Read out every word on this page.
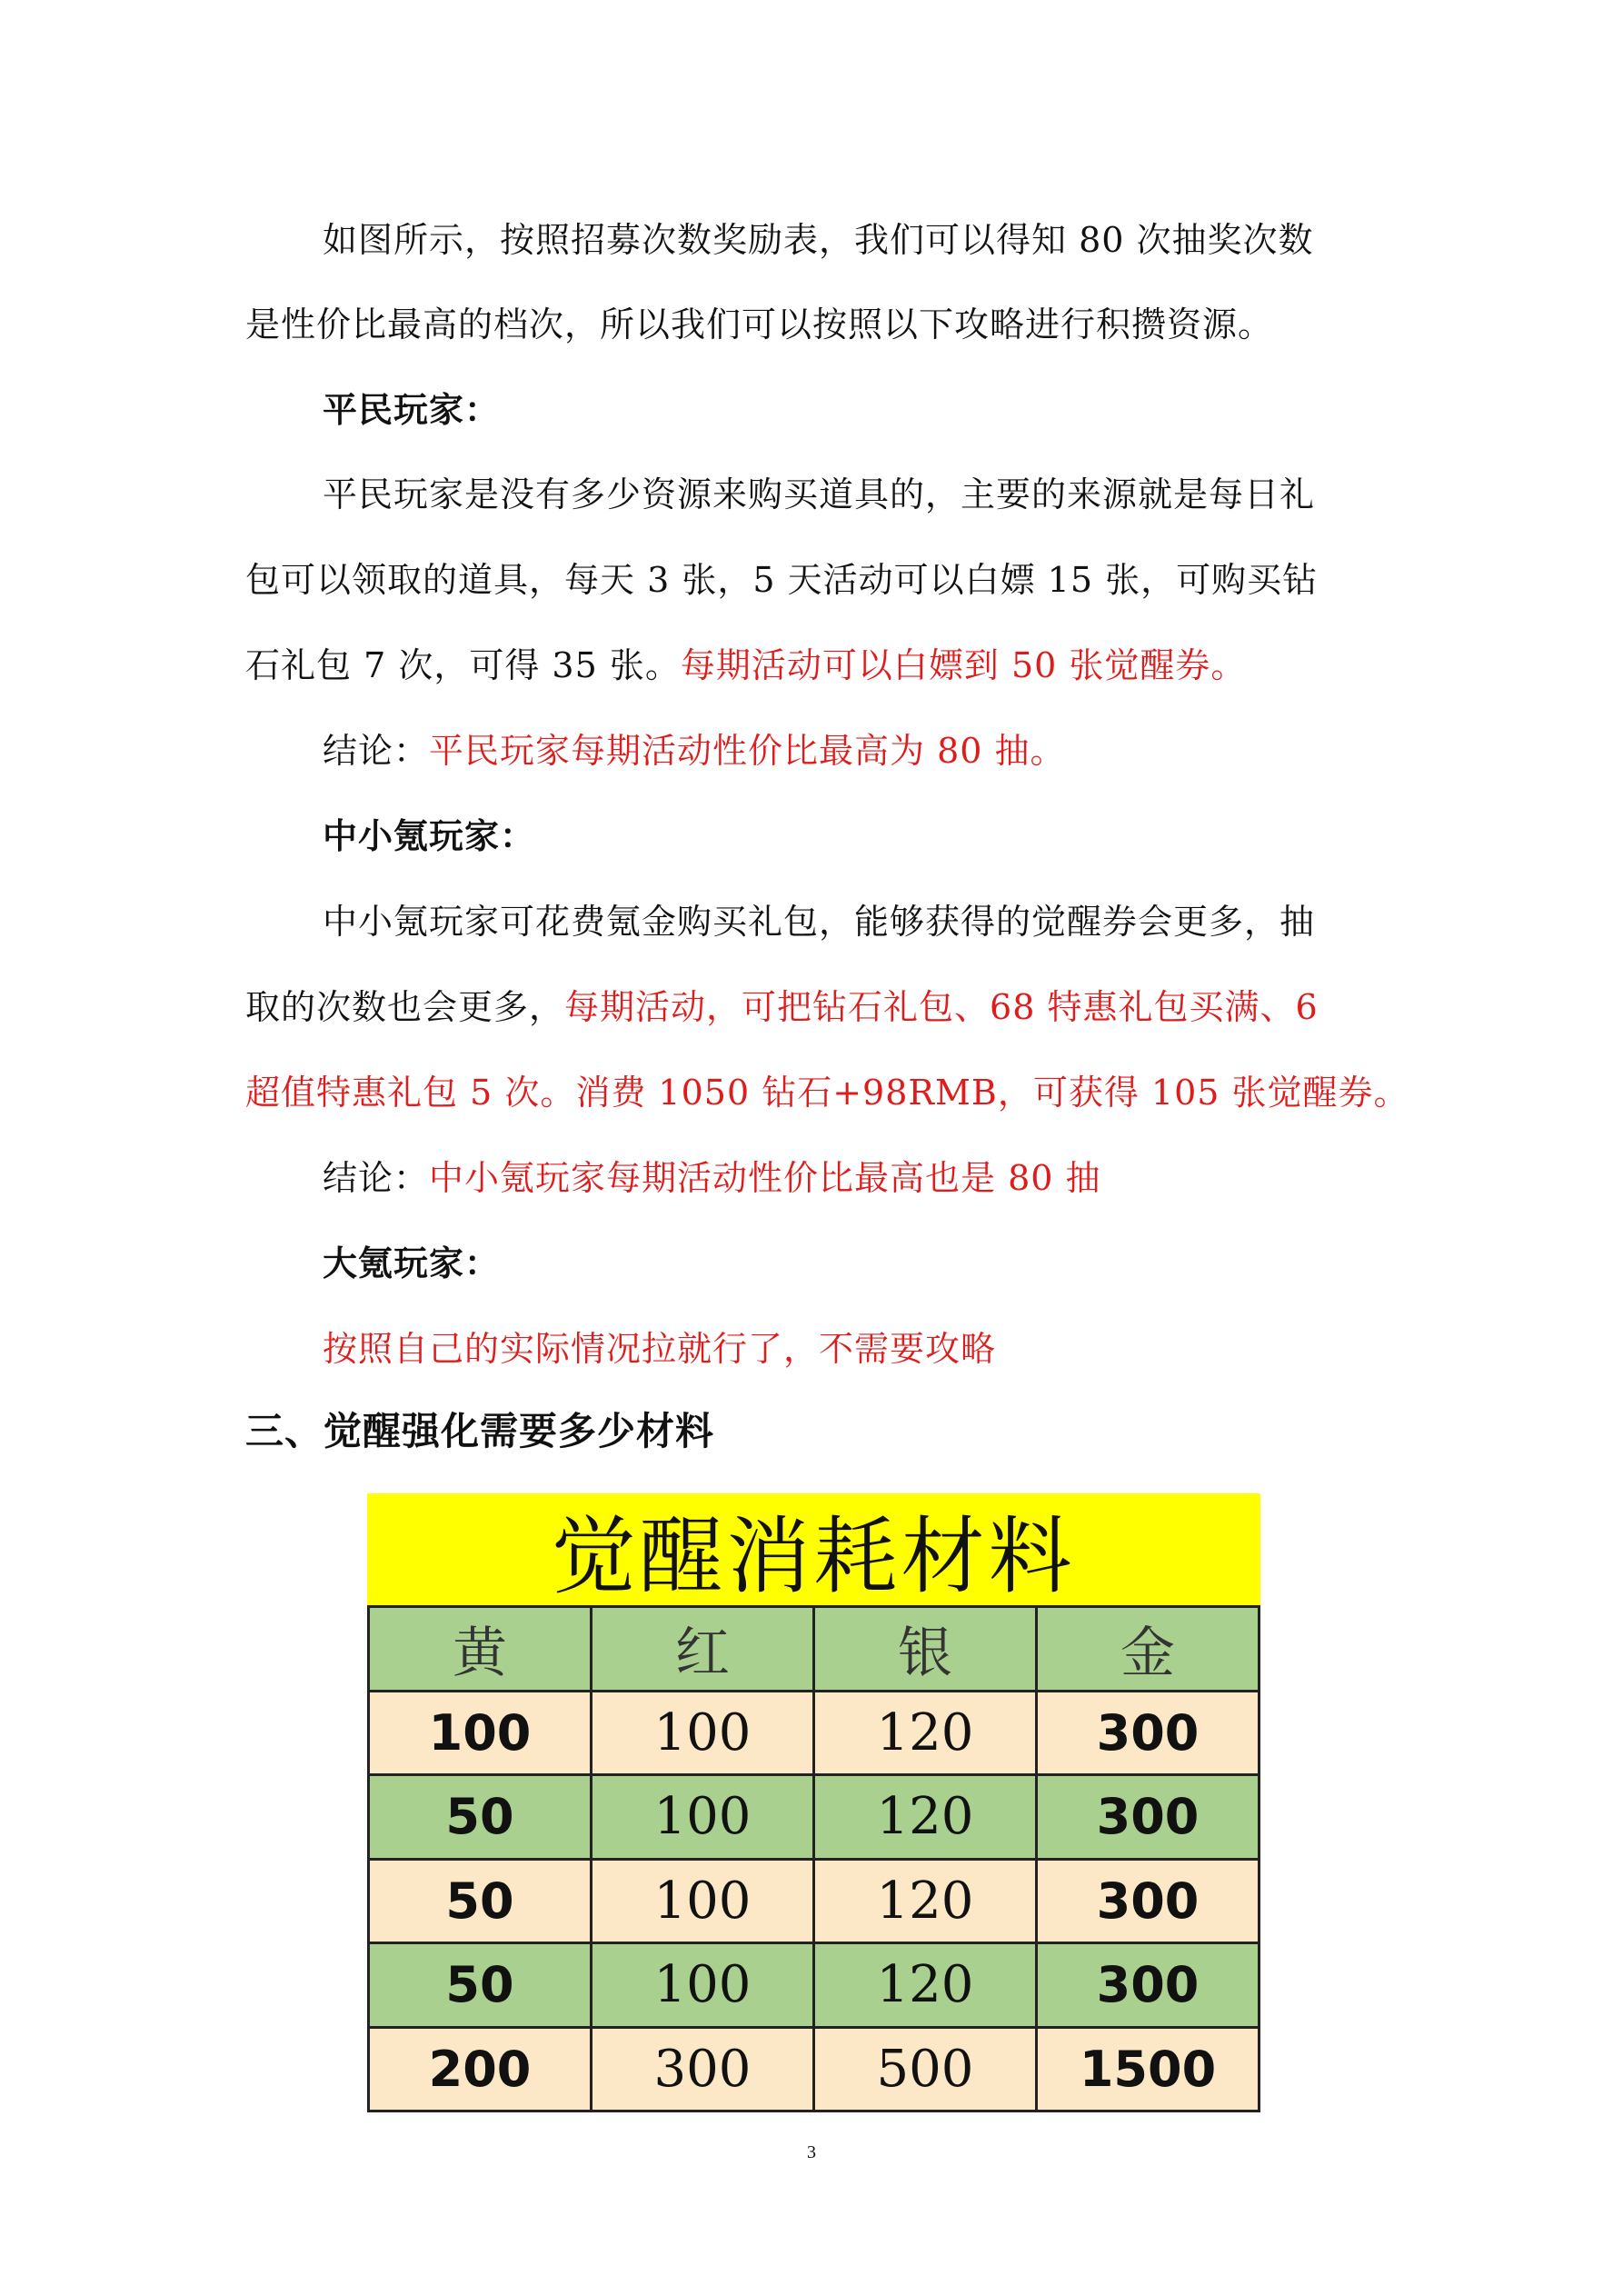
如图所示，按照招募次数奖励表，我们可以得知 80 次抽奖次数
是性价比最高的档次，所以我们可以按照以下攻略进行积攒资源。
平民玩家：
平民玩家是没有多少资源来购买道具的，主要的来源就是每日礼
包可以领取的道具，每天 3 张，5 天活动可以白嫖 15 张，可购买钻
石礼包 7 次，可得 35 张。每期活动可以白嫖到 50 张觉醒券。
结论：平民玩家每期活动性价比最高为 80 抽。
中小氪玩家：
中小氪玩家可花费氪金购买礼包，能够获得的觉醒券会更多，抽
取的次数也会更多，每期活动，可把钻石礼包、68 特惠礼包买满、6
超值特惠礼包 5 次。消费 1050 钻石+98RMB，可获得 105 张觉醒券。
结论：中小氪玩家每期活动性价比最高也是 80 抽
大氪玩家：
按照自己的实际情况拉就行了，不需要攻略
三、觉醒强化需要多少材料
觉醒消耗材料
黄	红	银	金
100	100	120	300
50	100	120	300
50	100	120	300
50	100	120	300
200	300	500	1500
3
